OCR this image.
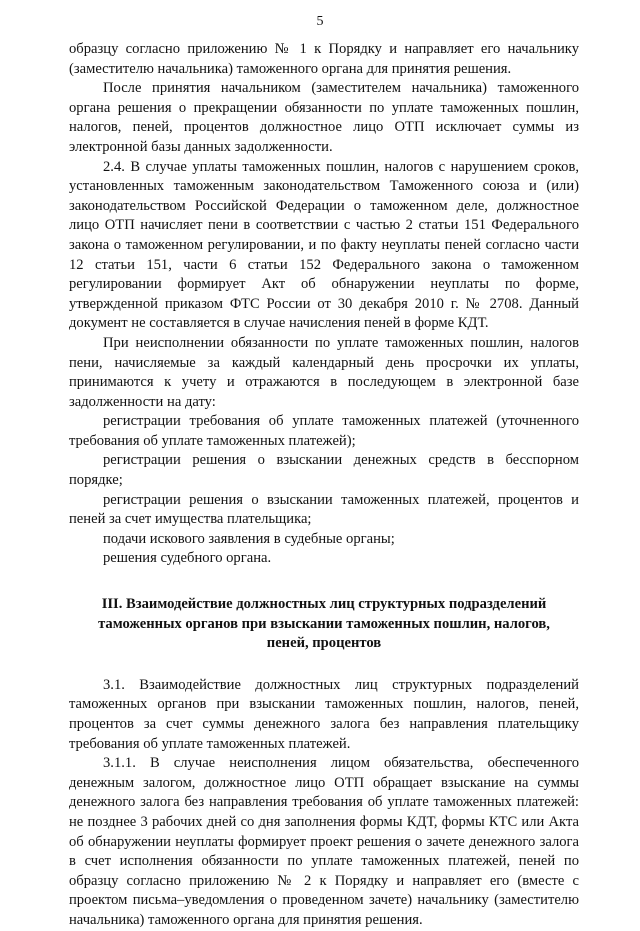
5

образцу согласно приложению № 1 к Порядку и направляет его начальнику (заместителю начальника) таможенного органа для принятия решения.

После принятия начальником (заместителем начальника) таможенного органа решения о прекращении обязанности по уплате таможенных пошлин, налогов, пеней, процентов должностное лицо ОТП исключает суммы из электронной базы данных задолженности.

2.4. В случае уплаты таможенных пошлин, налогов с нарушением сроков, установленных таможенным законодательством Таможенного союза и (или) законодательством Российской Федерации о таможенном деле, должностное лицо ОТП начисляет пени в соответствии с частью 2 статьи 151 Федерального закона о таможенном регулировании, и по факту неуплаты пеней согласно части 12 статьи 151, части 6 статьи 152 Федерального закона о таможенном регулировании формирует Акт об обнаружении неуплаты по форме, утвержденной приказом ФТС России от 30 декабря 2010 г. № 2708. Данный документ не составляется в случае начисления пеней в форме КДТ.

При неисполнении обязанности по уплате таможенных пошлин, налогов пени, начисляемые за каждый календарный день просрочки их уплаты, принимаются к учету и отражаются в последующем в электронной базе задолженности на дату:

регистрации требования об уплате таможенных платежей (уточненного требования об уплате таможенных платежей);

регистрации решения о взыскании денежных средств в бесспорном порядке;

регистрации решения о взыскании таможенных платежей, процентов и пеней за счет имущества плательщика;

подачи искового заявления в судебные органы;

решения судебного органа.

III. Взаимодействие должностных лиц структурных подразделений таможенных органов при взыскании таможенных пошлин, налогов, пеней, процентов

3.1. Взаимодействие должностных лиц структурных подразделений таможенных органов при взыскании таможенных пошлин, налогов, пеней, процентов за счет суммы денежного залога без направления плательщику требования об уплате таможенных платежей.

3.1.1. В случае неисполнения лицом обязательства, обеспеченного денежным залогом, должностное лицо ОТП обращает взыскание на суммы денежного залога без направления требования об уплате таможенных платежей: не позднее 3 рабочих дней со дня заполнения формы КДТ, формы КТС или Акта об обнаружении неуплаты формирует проект решения о зачете денежного залога в счет исполнения обязанности по уплате таможенных платежей, пеней по образцу согласно приложению № 2 к Порядку и направляет его (вместе с проектом письма–уведомления о проведенном зачете) начальнику (заместителю начальника) таможенного органа для принятия решения.
